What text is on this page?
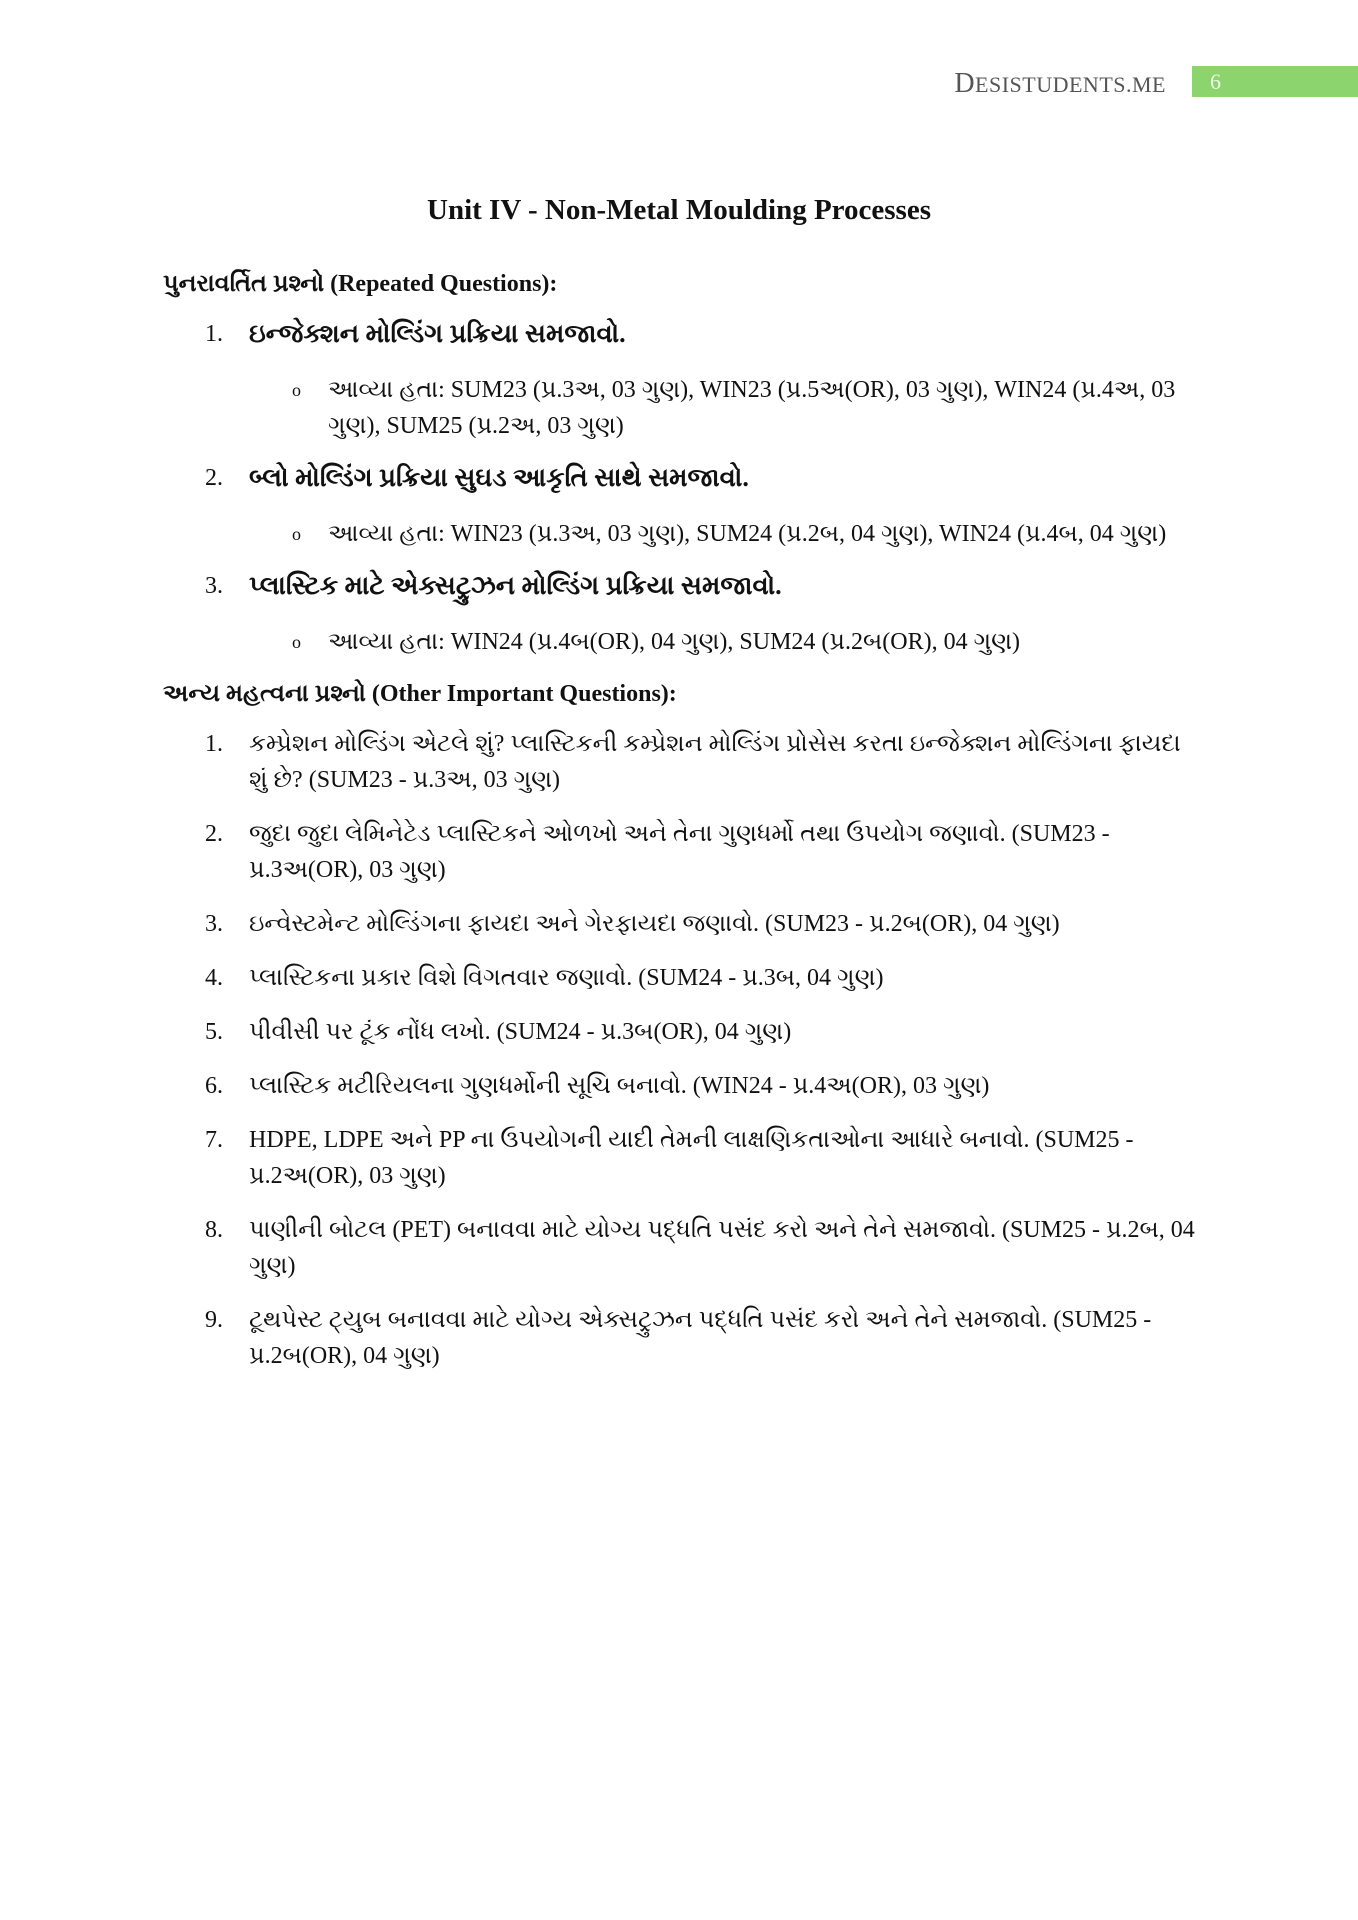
DESISTUDENTS.ME	6
Unit IV - Non-Metal Moulding Processes
પુનરાવર્તિત પ્રશ્નો (Repeated Questions):
1.	ઇન્જેક્શન મોલ્ડિંગ પ્રક્રિયા સમજાવો.
o	આવ્યા હતા: SUM23 (પ્ર.3અ, 03 ગુણ), WIN23 (પ્ર.5અ(OR), 03 ગુણ), WIN24 (પ્ર.4અ, 03 ગુણ), SUM25 (પ્ર.2અ, 03 ગુણ)
2.	બ્લો મોલ્ડિંગ પ્રક્રિયા સુઘડ આકૃતિ સાથે સમજાવો.
o	આવ્યા હતા: WIN23 (પ્ર.3અ, 03 ગુણ), SUM24 (પ્ર.2બ, 04 ગુણ), WIN24 (પ્ર.4બ, 04 ગુણ)
3.	પ્લાસ્ટિક માટે એક્સટ્રુઝન મોલ્ડિંગ પ્રક્રિયા સમજાવો.
o	આવ્યા હતા: WIN24 (પ્ર.4બ(OR), 04 ગુણ), SUM24 (પ્ર.2બ(OR), 04 ગુણ)
અન્ય મહત્વના પ્રશ્નો (Other Important Questions):
1.	કમ્પ્રેશન મોલ્ડિંગ એટલે શું? પ્લાસ્ટિકની કમ્પ્રેશન મોલ્ડિંગ પ્રોસેસ કરતા ઇન્જેક્શન મોલ્ડિંગના ફાયદા શું છે? (SUM23 - પ્ર.3અ, 03 ગુણ)
2.	જુદા જુદા લેમિનેટેડ પ્લાસ્ટિકને ઓળખો અને તેના ગુણધર્મો તથા ઉપયોગ જણાવો. (SUM23 - પ્ર.3અ(OR), 03 ગુણ)
3.	ઇન્વેસ્ટમેન્ટ મોલ્ડિંગના ફાયદા અને ગેરફાયદા જણાવો. (SUM23 - પ્ર.2બ(OR), 04 ગુણ)
4.	પ્લાસ્ટિકના પ્રકાર વિશે વિગતવાર જણાવો. (SUM24 - પ્ર.3બ, 04 ગુણ)
5.	પીવીસી પર ટૂંક નોંધ લખો. (SUM24 - પ્ર.3બ(OR), 04 ગુણ)
6.	પ્લાસ્ટિક મટીરિયલના ગુણધર્મોની સૂચિ બનાવો. (WIN24 - પ્ર.4અ(OR), 03 ગુણ)
7.	HDPE, LDPE અને PP ના ઉપયોગની યાદી તેમની લાક્ષણિકતાઓના આધારે બનાવો. (SUM25 - પ્ર.2અ(OR), 03 ગુણ)
8.	પાણીની બોટલ (PET) બનાવવા માટે યોગ્ય પદ્ધતિ પસંદ કરો અને તેને સમજાવો. (SUM25 - પ્ર.2બ, 04 ગુણ)
9.	ટૂથપેસ્ટ ટ્યુબ બનાવવા માટે યોગ્ય એક્સટ્રુઝન પદ્ધતિ પસંદ કરો અને તેને સમજાવો. (SUM25 - પ્ર.2બ(OR), 04 ગુણ)
